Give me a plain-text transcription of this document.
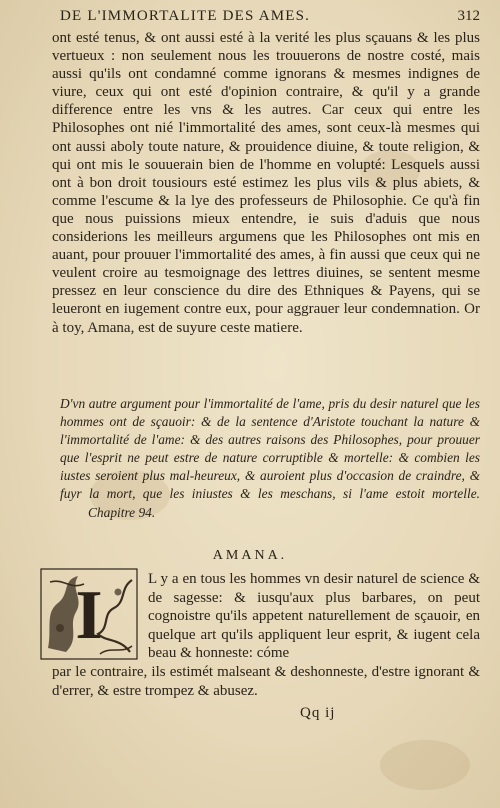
DE L'IMMORTALITE DES AMES.	312

ont esté tenus, & ont aussi esté à la verité les plus sçauans & les plus vertueux : non seulement nous les trouuerons de nostre costé, mais aussi qu'ils ont condamné comme ignorans & mesmes indignes de viure, ceux qui ont esté d'opinion contraire, & qu'il y a grande difference entre les vns & les autres. Car ceux qui entre les Philosophes ont nié l'immortalité des ames, sont ceux-là mesmes qui ont aussi aboly toute nature, & prouidence diuine, & toute religion, & qui ont mis le souuerain bien de l'homme en volupté: Lesquels aussi ont à bon droit tousiours esté estimez les plus vils & plus abiets, & comme l'escume & la lye des professeurs de Philosophie. Ce qu'à fin que nous puissions mieux entendre, ie suis d'aduis que nous considerions les meilleurs argumens que les Philosophes ont mis en auant, pour prouuer l'immortalité des ames, à fin aussi que ceux qui ne veulent croire au tesmoignage des lettres diuines, se sentent mesme pressez en leur conscience du dire des Ethniques & Payens, qui se leueront en iugement contre eux, pour aggrauer leur condemnation. Or à toy, Amana, est de suyure ceste matiere.

D'vn autre argument pour l'immortalité de l'ame, pris du desir naturel que les hommes ont de sçauoir: & de la sentence d'Aristote touchant la nature & l'immortalité de l'ame: & des autres raisons des Philosophes, pour prouuer que l'esprit ne peut estre de nature corruptible & mortelle: & combien les iustes seroient plus mal-heureux, & auroient plus d'occasion de craindre, & fuyr la mort, que les iniustes & les meschans, si l'ame estoit mortelle. Chapitre 94.

AMANA.
I	L y a en tous les hommes vn desir naturel de science & de sagesse: & iusqu'aux plus barbares, on peut cognoistre qu'ils appetent naturellement de sçauoir, en quelque art qu'ils appliquent leur esprit, & iugent cela beau & honneste: cóme

par le contraire, ils estimét malseant & deshonneste, d'estre ignorant & d'errer, & estre trompez & abusez.

Qq ij
